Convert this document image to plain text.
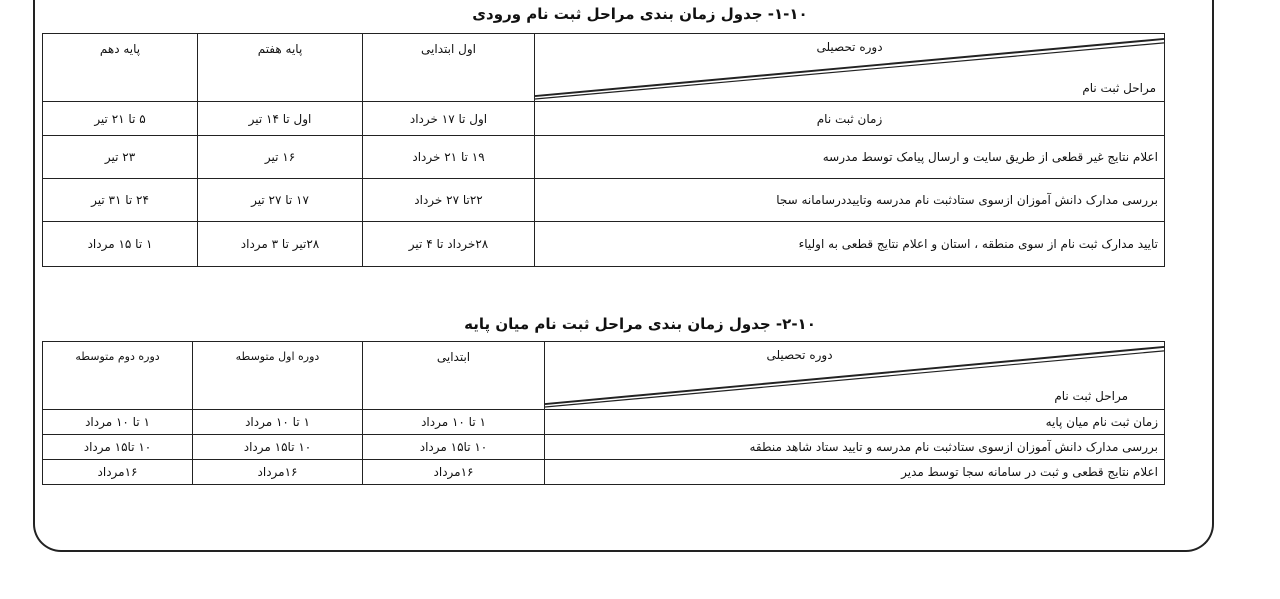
۱-۱۰- جدول زمان بندی مراحل ثبت نام ورودی
دوره تحصیلی
مراحل ثبت نام	اول ابتدایی	پایه هفتم	پایه دهم
زمان ثبت نام	اول تا ۱۷ خرداد	اول تا ۱۴ تیر	۵ تا ۲۱ تیر
اعلام نتایج غیر قطعی از طریق سایت و ارسال پیامک توسط مدرسه	۱۹ تا ۲۱ خرداد	۱۶ تیر	۲۳ تیر
بررسی مدارک دانش آموزان ازسوی ستادثبت نام مدرسه وتاییددرسامانه سجا	۲۲تا ۲۷ خرداد	۱۷ تا ۲۷ تیر	۲۴ تا ۳۱ تیر
تایید مدارک ثبت نام از سوی منطقه ، استان و اعلام نتایج قطعی به اولیاء	۲۸خرداد تا ۴ تیر	۲۸تیر تا ۳ مرداد	۱ تا ۱۵ مرداد
۲-۱۰- جدول زمان بندی مراحل ثبت نام میان پایه
دوره تحصیلی
مراحل ثبت نام	ابتدایی	دوره اول متوسطه	دوره دوم متوسطه
زمان ثبت نام میان پایه	۱ تا ۱۰ مرداد	۱ تا ۱۰ مرداد	۱ تا ۱۰ مرداد
بررسی مدارک دانش آموزان ازسوی ستادثبت نام مدرسه و تایید ستاد شاهد منطقه	۱۰ تا۱۵ مرداد	۱۰ تا۱۵ مرداد	۱۰ تا۱۵ مرداد
اعلام نتایج قطعی و ثبت در سامانه سجا توسط مدیر	۱۶مرداد	۱۶مرداد	۱۶مرداد
